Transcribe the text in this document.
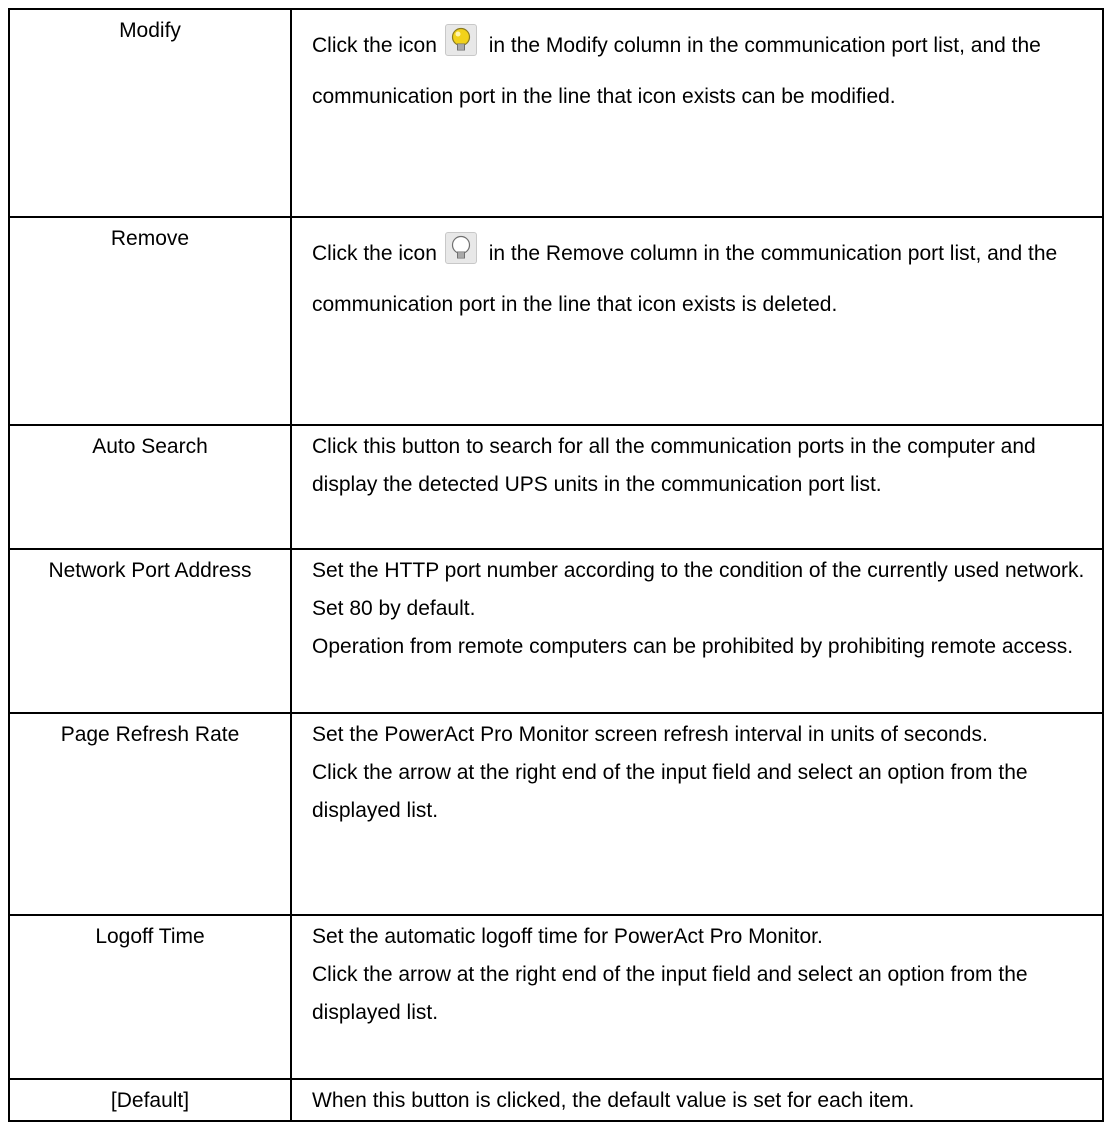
Modify	Click the icon
in the Modify column in the communication port list, and the communication port in the line that icon exists can be modified.

Remove	Click the icon
in the Remove column in the communication port list, and the communication port in the line that icon exists is deleted.

Auto Search	Click this button to search for all the communication ports in the computer and display the detected UPS units in the communication port list.

Network Port Address	Set the HTTP port number according to the condition of the currently used network.　Set 80 by default.
Operation from remote computers can be prohibited by prohibiting remote access.

Page Refresh Rate	Set the PowerAct Pro Monitor screen refresh interval in units of seconds.
Click the arrow at the right end of the input field and select an option from the displayed list.

Logoff Time	Set the automatic logoff time for PowerAct Pro Monitor.
Click the arrow at the right end of the input field and select an option from the displayed list.

[Default]	When this button is clicked, the default value is set for each item.
